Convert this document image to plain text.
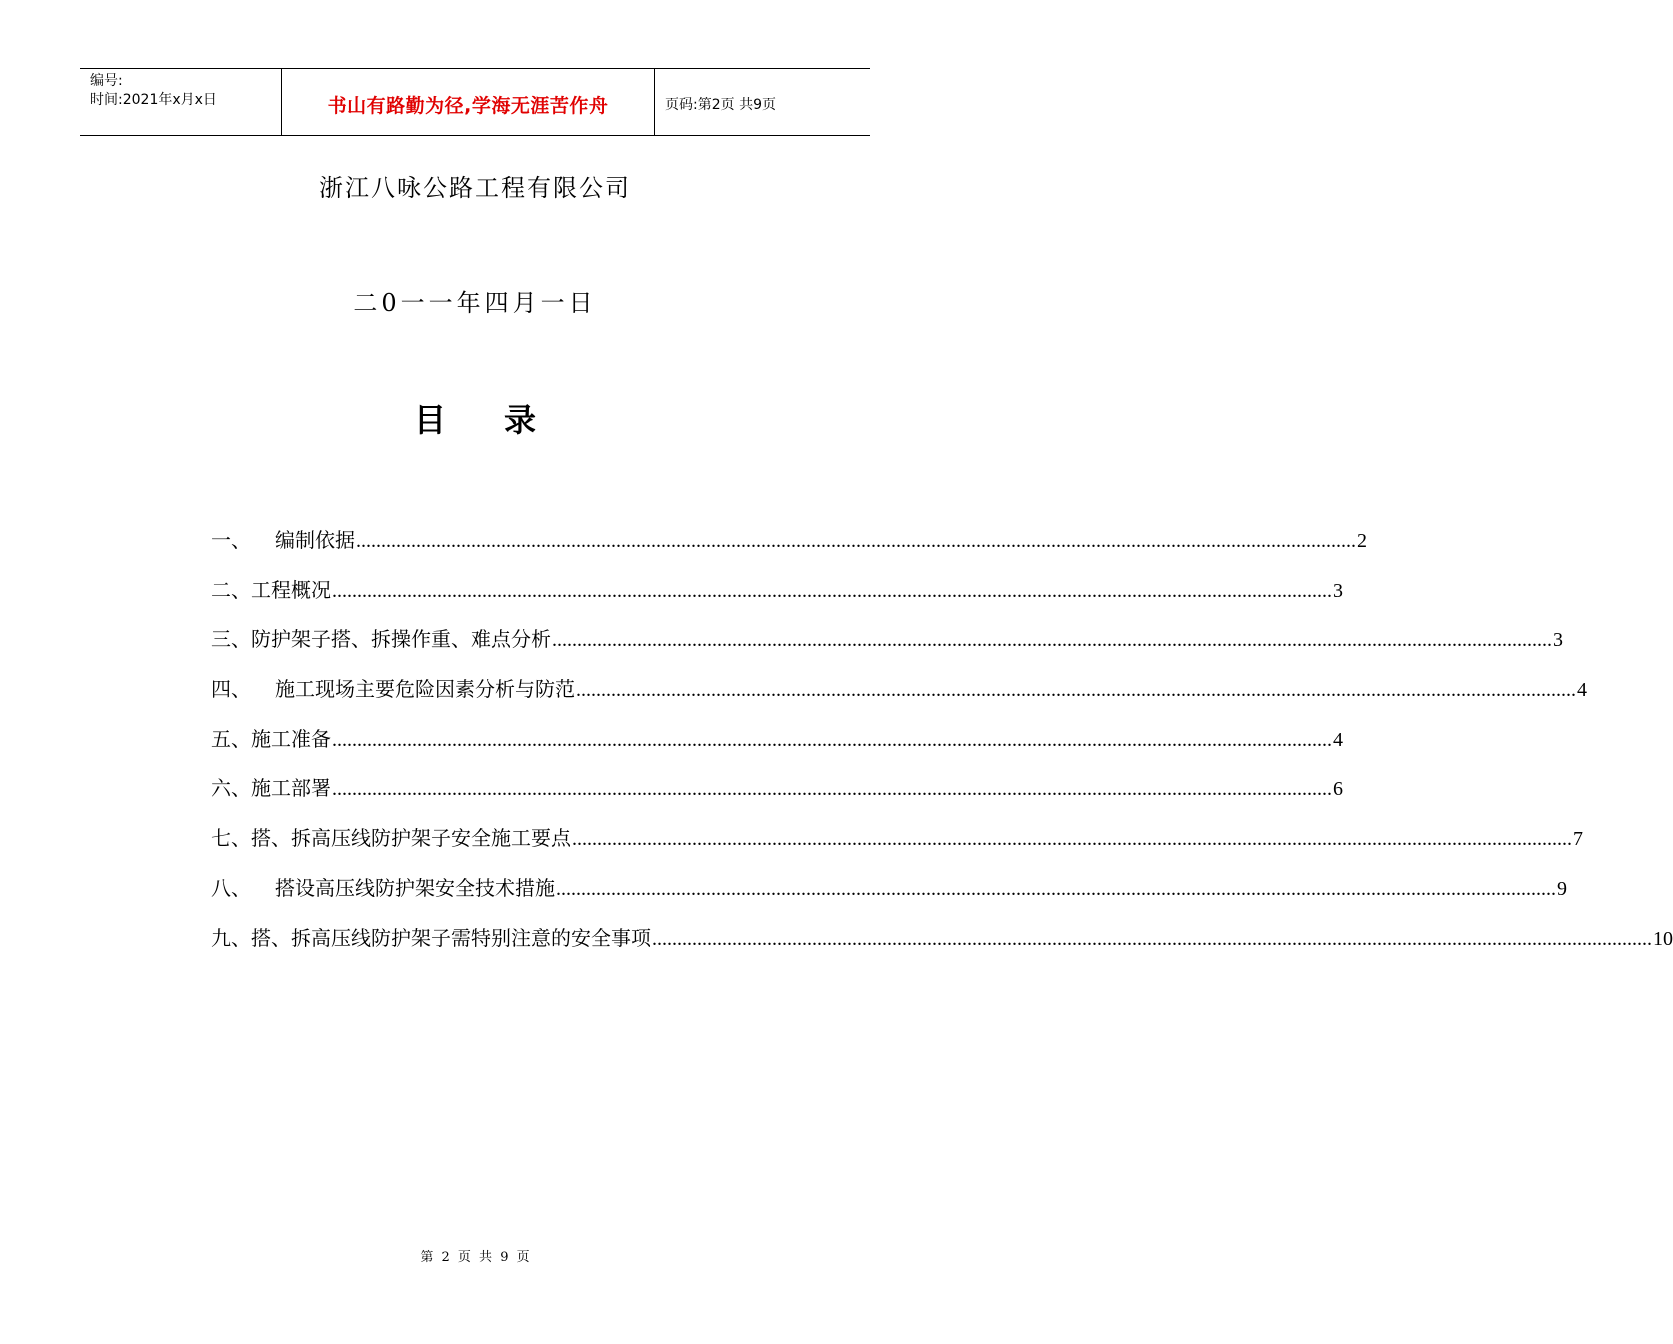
编号:
时间:2021年x月x日	书山有路勤为径,学海无涯苦作舟	页码:第2页 共9页
浙江八咏公路工程有限公司
二0一一年四月一日
目 录
一、 编制依据 ........................................................................................................................................................................................................ 2
二、工程概况 ........................................................................................................................................................................................................ 3
三、防护架子搭、拆操作重、难点分析 ........................................................................................................................................................................................................ 3
四、 施工现场主要危险因素分析与防范 ........................................................................................................................................................................................................ 4
五、施工准备 ........................................................................................................................................................................................................ 4
六、施工部署 ........................................................................................................................................................................................................ 6
七、搭、拆高压线防护架子安全施工要点 ........................................................................................................................................................................................................ 7
八、 搭设高压线防护架安全技术措施 ........................................................................................................................................................................................................ 9
九、搭、拆高压线防护架子需特别注意的安全事项 ........................................................................................................................................................................................................ 10
第 2 页 共 9 页
